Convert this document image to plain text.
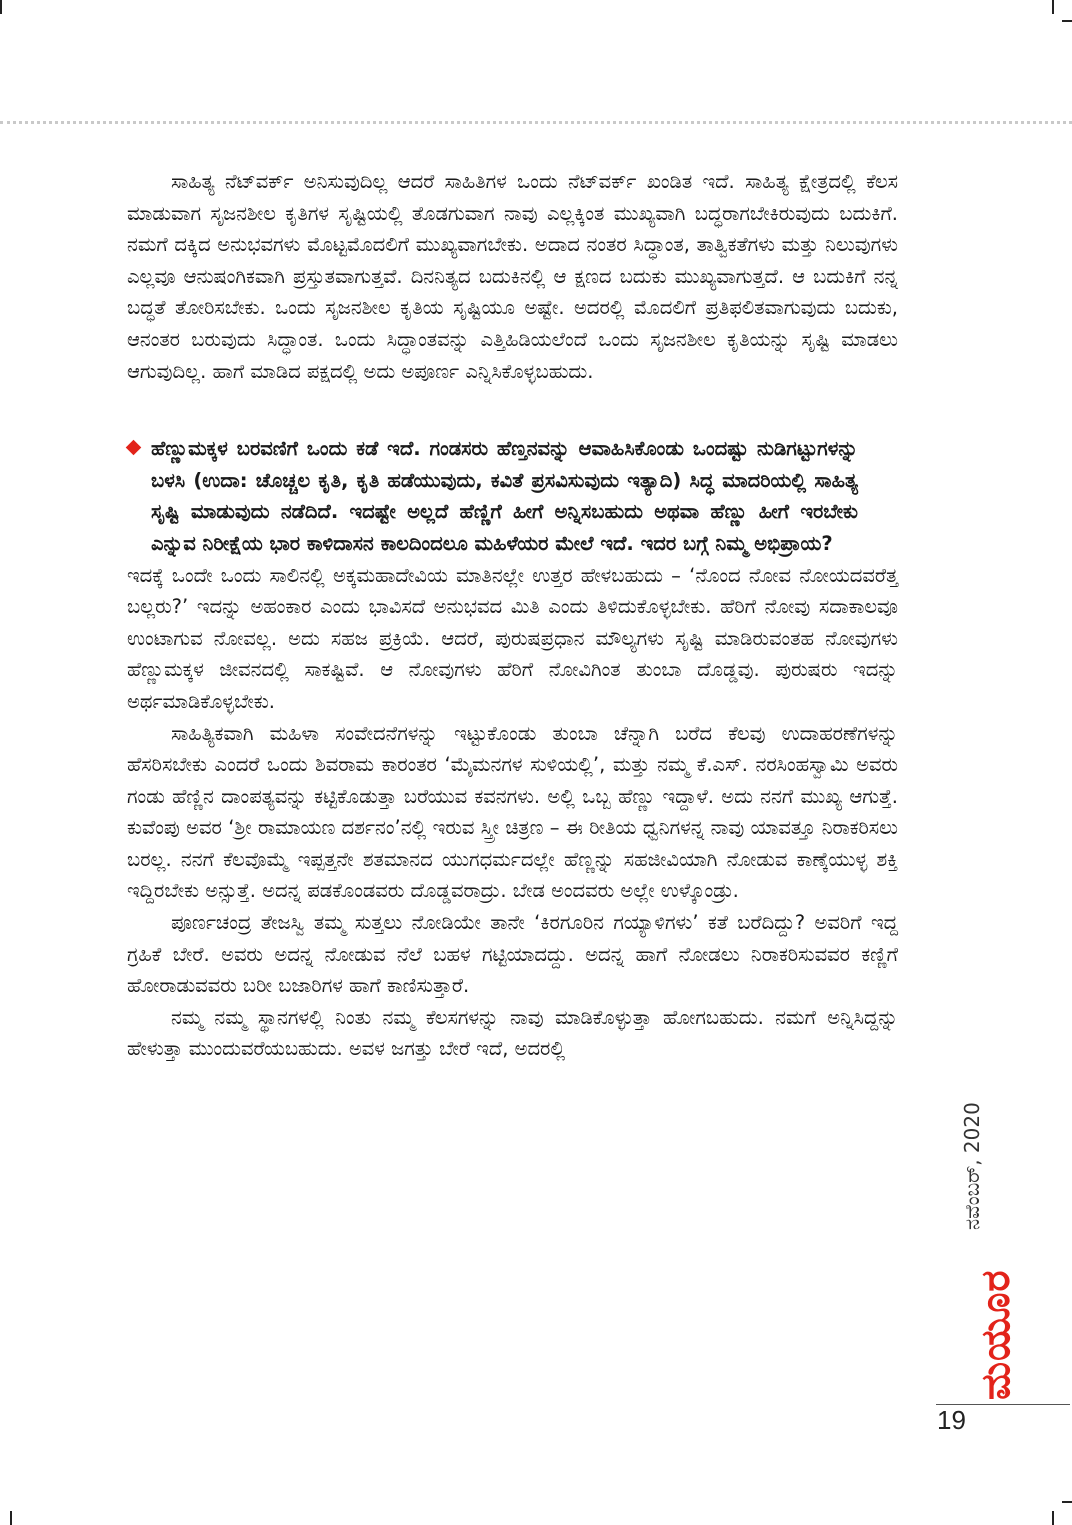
ಸಾಹಿತ್ಯ ನೆಟ್‌ವರ್ಕ್ ಅನಿಸುವುದಿಲ್ಲ ಆದರೆ ಸಾಹಿತಿಗಳ ಒಂದು ನೆಟ್‌ವರ್ಕ್ ಖಂಡಿತ ಇದೆ. ಸಾಹಿತ್ಯ ಕ್ಷೇತ್ರದಲ್ಲಿ ಕೆಲಸ ಮಾಡುವಾಗ ಸೃಜನಶೀಲ ಕೃತಿಗಳ ಸೃಷ್ಟಿಯಲ್ಲಿ ತೊಡಗುವಾಗ ನಾವು ಎಲ್ಲಕ್ಕಿಂತ ಮುಖ್ಯವಾಗಿ ಬದ್ಧರಾಗಬೇಕಿರುವುದು ಬದುಕಿಗೆ. ನಮಗೆ ದಕ್ಕಿದ ಅನುಭವಗಳು ಮೊಟ್ಟಮೊದಲಿಗೆ ಮುಖ್ಯವಾಗಬೇಕು. ಅದಾದ ನಂತರ ಸಿದ್ಧಾಂತ, ತಾತ್ವಿಕತೆಗಳು ಮತ್ತು ನಿಲುವುಗಳು ಎಲ್ಲವೂ ಆನುಷಂಗಿಕವಾಗಿ ಪ್ರಸ್ತುತವಾಗುತ್ತವೆ. ದಿನನಿತ್ಯದ ಬದುಕಿನಲ್ಲಿ ಆ ಕ್ಷಣದ ಬದುಕು ಮುಖ್ಯವಾಗುತ್ತದೆ. ಆ ಬದುಕಿಗೆ ನನ್ನ ಬದ್ಧತೆ ತೋರಿಸಬೇಕು. ಒಂದು ಸೃಜನಶೀಲ ಕೃತಿಯ ಸೃಷ್ಟಿಯೂ ಅಷ್ಟೇ. ಅದರಲ್ಲಿ ಮೊದಲಿಗೆ ಪ್ರತಿಫಲಿತವಾಗುವುದು ಬದುಕು, ಆನಂತರ ಬರುವುದು ಸಿದ್ಧಾಂತ. ಒಂದು ಸಿದ್ಧಾಂತವನ್ನು ಎತ್ತಿಹಿಡಿಯಲೆಂದೆ ಒಂದು ಸೃಜನಶೀಲ ಕೃತಿಯನ್ನು ಸೃಷ್ಟಿ ಮಾಡಲು ಆಗುವುದಿಲ್ಲ. ಹಾಗೆ ಮಾಡಿದ ಪಕ್ಷದಲ್ಲಿ ಅದು ಅಪೂರ್ಣ ಎನ್ನಿಸಿಕೊಳ್ಳಬಹುದು.

ಹೆಣ್ಣುಮಕ್ಕಳ ಬರವಣಿಗೆ ಒಂದು ಕಡೆ ಇದೆ. ಗಂಡಸರು ಹೆಣ್ತನವನ್ನು ಆವಾಹಿಸಿಕೊಂಡು ಒಂದಷ್ಟು ನುಡಿಗಟ್ಟುಗಳನ್ನು ಬಳಸಿ (ಉದಾ: ಚೊಚ್ಚಲ ಕೃತಿ, ಕೃತಿ ಹಡೆಯುವುದು, ಕವಿತೆ ಪ್ರಸವಿಸುವುದು ಇತ್ಯಾದಿ) ಸಿದ್ಧ ಮಾದರಿಯಲ್ಲಿ ಸಾಹಿತ್ಯ ಸೃಷ್ಟಿ ಮಾಡುವುದು ನಡೆದಿದೆ. ಇದಷ್ಟೇ ಅಲ್ಲದೆ ಹೆಣ್ಣಿಗೆ ಹೀಗೆ ಅನ್ನಿಸಬಹುದು ಅಥವಾ ಹೆಣ್ಣು ಹೀಗೆ ಇರಬೇಕು ಎನ್ನುವ ನಿರೀಕ್ಷೆಯ ಭಾರ ಕಾಳಿದಾಸನ ಕಾಲದಿಂದಲೂ ಮಹಿಳೆಯರ ಮೇಲೆ ಇದೆ. ಇದರ ಬಗ್ಗೆ ನಿಮ್ಮ ಅಭಿಪ್ರಾಯ?

ಇದಕ್ಕೆ ಒಂದೇ ಒಂದು ಸಾಲಿನಲ್ಲಿ ಅಕ್ಕಮಹಾದೇವಿಯ ಮಾತಿನಲ್ಲೇ ಉತ್ತರ ಹೇಳಬಹುದು – ‘ನೊಂದ ನೋವ ನೋಯದವರೆತ್ತ ಬಲ್ಲರು?’ ಇದನ್ನು ಅಹಂಕಾರ ಎಂದು ಭಾವಿಸದೆ ಅನುಭವದ ಮಿತಿ ಎಂದು ತಿಳಿದುಕೊಳ್ಳಬೇಕು. ಹೆರಿಗೆ ನೋವು ಸದಾಕಾಲವೂ ಉಂಟಾಗುವ ನೋವಲ್ಲ. ಅದು ಸಹಜ ಪ್ರಕ್ರಿಯೆ. ಆದರೆ, ಪುರುಷಪ್ರಧಾನ ಮೌಲ್ಯಗಳು ಸೃಷ್ಟಿ ಮಾಡಿರುವಂತಹ ನೋವುಗಳು ಹೆಣ್ಣುಮಕ್ಕಳ ಜೀವನದಲ್ಲಿ ಸಾಕಷ್ಟಿವೆ. ಆ ನೋವುಗಳು ಹೆರಿಗೆ ನೋವಿಗಿಂತ ತುಂಬಾ ದೊಡ್ಡವು. ಪುರುಷರು ಇದನ್ನು ಅರ್ಥಮಾಡಿಕೊಳ್ಳಬೇಕು.

ಸಾಹಿತ್ಯಿಕವಾಗಿ ಮಹಿಳಾ ಸಂವೇದನೆಗಳನ್ನು ಇಟ್ಟುಕೊಂಡು ತುಂಬಾ ಚೆನ್ನಾಗಿ ಬರೆದ ಕೆಲವು ಉದಾಹರಣೆಗಳನ್ನು ಹೆಸರಿಸಬೇಕು ಎಂದರೆ ಒಂದು ಶಿವರಾಮ ಕಾರಂತರ ‘ಮೈಮನಗಳ ಸುಳಿಯಲ್ಲಿ’, ಮತ್ತು ನಮ್ಮ ಕೆ.ಎಸ್. ನರಸಿಂಹಸ್ವಾಮಿ ಅವರು ಗಂಡು ಹೆಣ್ಣಿನ ದಾಂಪತ್ಯವನ್ನು ಕಟ್ಟಿಕೊಡುತ್ತಾ ಬರೆಯುವ ಕವನಗಳು. ಅಲ್ಲಿ ಒಬ್ಬ ಹೆಣ್ಣು ಇದ್ದಾಳೆ. ಅದು ನನಗೆ ಮುಖ್ಯ ಆಗುತ್ತೆ. ಕುವೆಂಪು ಅವರ ‘ಶ್ರೀ ರಾಮಾಯಣ ದರ್ಶನಂ’ನಲ್ಲಿ ಇರುವ ಸ್ತ್ರೀ ಚಿತ್ರಣ – ಈ ರೀತಿಯ ಧ್ವನಿಗಳನ್ನ ನಾವು ಯಾವತ್ತೂ ನಿರಾಕರಿಸಲು ಬರಲ್ಲ. ನನಗೆ ಕೆಲವೊಮ್ಮೆ ಇಪ್ಪತ್ತನೇ ಶತಮಾನದ ಯುಗಧರ್ಮದಲ್ಲೇ ಹೆಣ್ಣನ್ನು ಸಹಜೀವಿಯಾಗಿ ನೋಡುವ ಕಾಣ್ಕೆಯುಳ್ಳ ಶಕ್ತಿ ಇದ್ದಿರಬೇಕು ಅನ್ಸುತ್ತೆ. ಅದನ್ನ ಪಡಕೊಂಡವರು ದೊಡ್ಡವರಾದ್ರು. ಬೇಡ ಅಂದವರು ಅಲ್ಲೇ ಉಳ್ಕೊಂಡ್ರು.

ಪೂರ್ಣಚಂದ್ರ ತೇಜಸ್ವಿ ತಮ್ಮ ಸುತ್ತಲು ನೋಡಿಯೇ ತಾನೇ ‘ಕಿರಗೂರಿನ ಗಯ್ಯಾಳಿಗಳು’ ಕತೆ ಬರೆದಿದ್ದು? ಅವರಿಗೆ ಇದ್ದ ಗ್ರಹಿಕೆ ಬೇರೆ. ಅವರು ಅದನ್ನ ನೋಡುವ ನೆಲೆ ಬಹಳ ಗಟ್ಟಿಯಾದದ್ದು. ಅದನ್ನ ಹಾಗೆ ನೋಡಲು ನಿರಾಕರಿಸುವವರ ಕಣ್ಣಿಗೆ ಹೋರಾಡುವವರು ಬರೀ ಬಜಾರಿಗಳ ಹಾಗೆ ಕಾಣಿಸುತ್ತಾರೆ.

ನಮ್ಮ ನಮ್ಮ ಸ್ಥಾನಗಳಲ್ಲಿ ನಿಂತು ನಮ್ಮ ಕೆಲಸಗಳನ್ನು ನಾವು ಮಾಡಿಕೊಳ್ಳುತ್ತಾ ಹೋಗಬಹುದು. ನಮಗೆ ಅನ್ನಿಸಿದ್ದನ್ನು ಹೇಳುತ್ತಾ ಮುಂದುವರೆಯಬಹುದು. ಅವಳ ಜಗತ್ತು ಬೇರೆ ಇದೆ, ಅದರಲ್ಲಿ

ನವೆಂಬರ್, 2020
ಮಯೂರ
19
